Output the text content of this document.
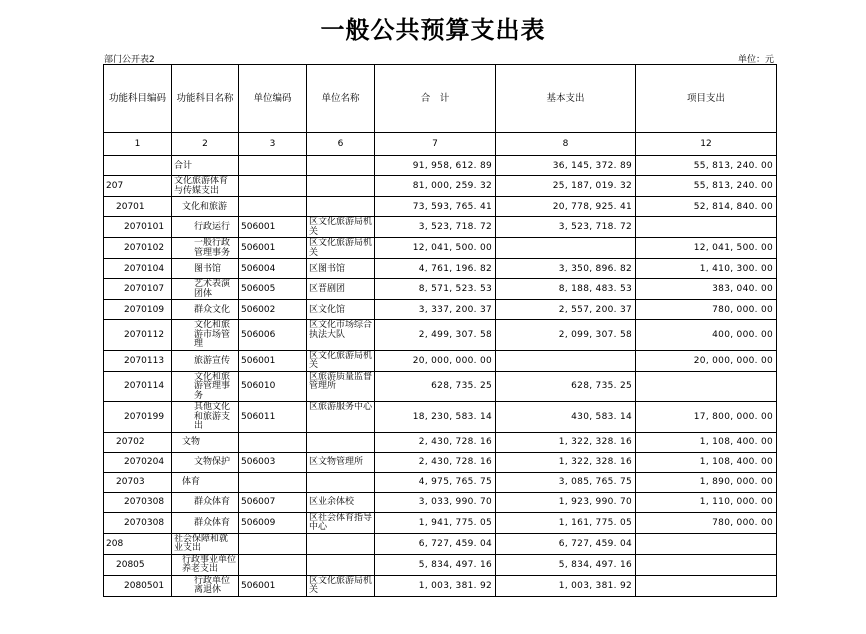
一般公共预算支出表
部门公开表2	单位：元
功能科目编码	功能科目名称	单位编码	单位名称	合　计	基本支出	项目支出
1	2	3	6	7	8	12
	合计			91, 958, 612. 89	36, 145, 372. 89	55, 813, 240. 00
207	文化旅游体育与传媒支出			81, 000, 259. 32	25, 187, 019. 32	55, 813, 240. 00
20701	文化和旅游			73, 593, 765. 41	20, 778, 925. 41	52, 814, 840. 00
2070101	行政运行	506001	区文化旅游局机关	3, 523, 718. 72	3, 523, 718. 72	
2070102	一般行政管理事务	506001	区文化旅游局机关	12, 041, 500. 00		12, 041, 500. 00
2070104	图书馆	506004	区图书馆	4, 761, 196. 82	3, 350, 896. 82	1, 410, 300. 00
2070107	艺术表演团体	506005	区晋剧团	8, 571, 523. 53	8, 188, 483. 53	383, 040. 00
2070109	群众文化	506002	区文化馆	3, 337, 200. 37	2, 557, 200. 37	780, 000. 00
2070112	文化和旅游市场管理	506006	区文化市场综合执法大队	2, 499, 307. 58	2, 099, 307. 58	400, 000. 00
2070113	旅游宣传	506001	区文化旅游局机关	20, 000, 000. 00		20, 000, 000. 00
2070114	文化和旅游管理事务	506010	区旅游质量监督管理所	628, 735. 25	628, 735. 25	
2070199	其他文化和旅游支出	506011	区旅游服务中心	18, 230, 583. 14	430, 583. 14	17, 800, 000. 00
20702	文物			2, 430, 728. 16	1, 322, 328. 16	1, 108, 400. 00
2070204	文物保护	506003	区文物管理所	2, 430, 728. 16	1, 322, 328. 16	1, 108, 400. 00
20703	体育			4, 975, 765. 75	3, 085, 765. 75	1, 890, 000. 00
2070308	群众体育	506007	区业余体校	3, 033, 990. 70	1, 923, 990. 70	1, 110, 000. 00
2070308	群众体育	506009	区社会体育指导中心	1, 941, 775. 05	1, 161, 775. 05	780, 000. 00
208	社会保障和就业支出			6, 727, 459. 04	6, 727, 459. 04	
20805	行政事业单位养老支出			5, 834, 497. 16	5, 834, 497. 16	
2080501	行政单位离退休	506001	区文化旅游局机关	1, 003, 381. 92	1, 003, 381. 92	
